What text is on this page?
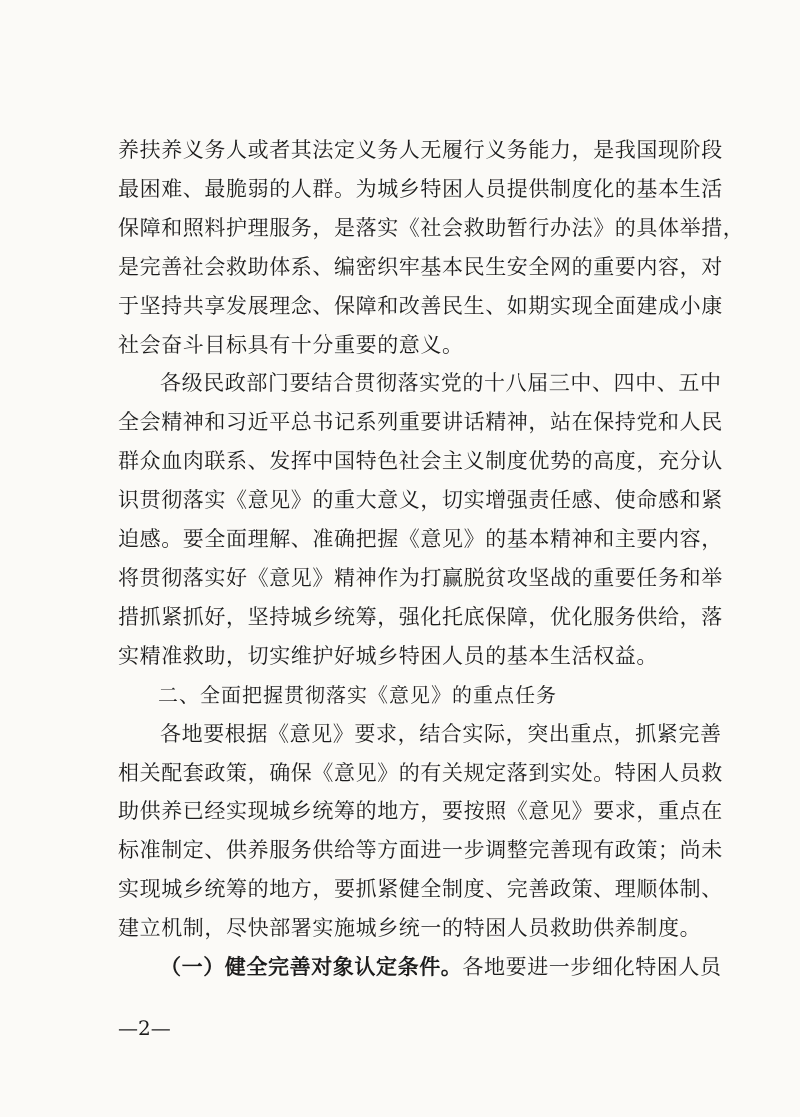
养扶养义务人或者其法定义务人无履行义务能力，是我国现阶段
最困难、最脆弱的人群。为城乡特困人员提供制度化的基本生活
保障和照料护理服务，是落实《社会救助暂行办法》的具体举措，
是完善社会救助体系、编密织牢基本民生安全网的重要内容，对
于坚持共享发展理念、保障和改善民生、如期实现全面建成小康
社会奋斗目标具有十分重要的意义。

各级民政部门要结合贯彻落实党的十八届三中、四中、五中
全会精神和习近平总书记系列重要讲话精神，站在保持党和人民
群众血肉联系、发挥中国特色社会主义制度优势的高度，充分认
识贯彻落实《意见》的重大意义，切实增强责任感、使命感和紧
迫感。要全面理解、准确把握《意见》的基本精神和主要内容，
将贯彻落实好《意见》精神作为打赢脱贫攻坚战的重要任务和举
措抓紧抓好，坚持城乡统筹，强化托底保障，优化服务供给，落
实精准救助，切实维护好城乡特困人员的基本生活权益。

二、全面把握贯彻落实《意见》的重点任务

各地要根据《意见》要求，结合实际，突出重点，抓紧完善
相关配套政策，确保《意见》的有关规定落到实处。特困人员救
助供养已经实现城乡统筹的地方，要按照《意见》要求，重点在
标准制定、供养服务供给等方面进一步调整完善现有政策；尚未
实现城乡统筹的地方，要抓紧健全制度、完善政策、理顺体制、
建立机制，尽快部署实施城乡统一的特困人员救助供养制度。

（一）健全完善对象认定条件。各地要进一步细化特困人员

—2—
